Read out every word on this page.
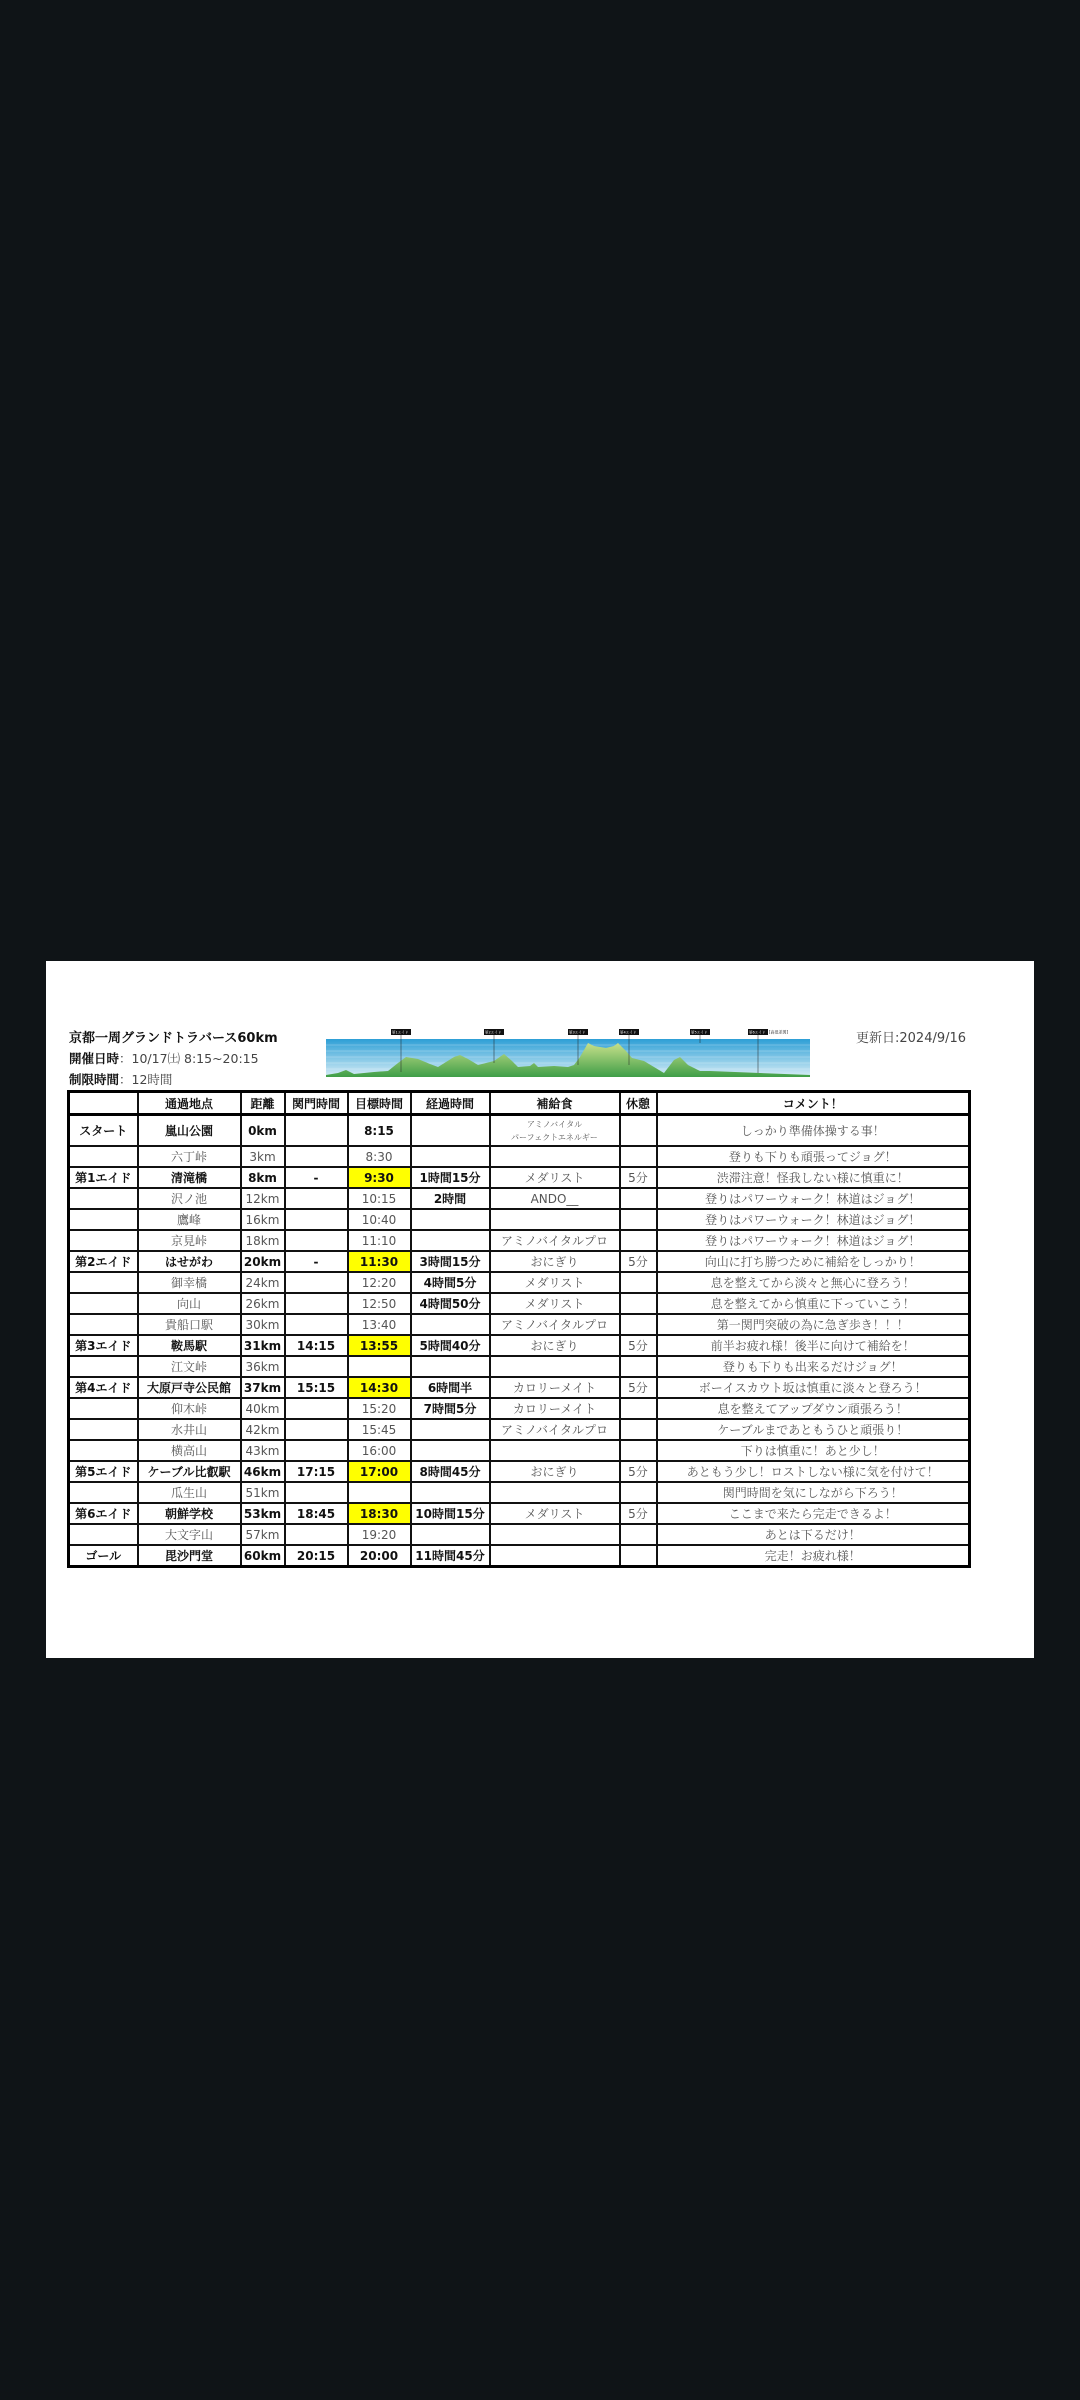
京都一周グランドトラバース60km
開催日時：10/17㈯ 8:15~20:15
制限時間：12時間
更新日:2024/9/16
第1エイド	第2エイド	第3エイド	第4エイド	第5エイド	第6エイド [高低差図]
	通過地点	距離	関門時間	目標時間	経過時間	補給食	休憩	コメント！
スタート	嵐山公園	0km		8:15		アミノバイタル
パーフェクトエネルギー		しっかり準備体操する事！
	六丁峠	3km		8:30				登りも下りも頑張ってジョグ！
第1エイド	清滝橋	8km	-	9:30	1時間15分	メダリスト	5分	渋滞注意！怪我しない様に慎重に！
	沢ノ池	12km		10:15	2時間	ANDO__		登りはパワーウォーク！林道はジョグ！
	鷹峰	16km		10:40				登りはパワーウォーク！林道はジョグ！
	京見峠	18km		11:10		アミノバイタルプロ		登りはパワーウォーク！林道はジョグ！
第2エイド	はせがわ	20km	-	11:30	3時間15分	おにぎり	5分	向山に打ち勝つために補給をしっかり！
	御幸橋	24km		12:20	4時間5分	メダリスト		息を整えてから淡々と無心に登ろう！
	向山	26km		12:50	4時間50分	メダリスト		息を整えてから慎重に下っていこう！
	貴船口駅	30km		13:40		アミノバイタルプロ		第一関門突破の為に急ぎ歩き！！！
第3エイド	鞍馬駅	31km	14:15	13:55	5時間40分	おにぎり	5分	前半お疲れ様！後半に向けて補給を！
	江文峠	36km						登りも下りも出来るだけジョグ！
第4エイド	大原戸寺公民館	37km	15:15	14:30	6時間半	カロリーメイト	5分	ボーイスカウト坂は慎重に淡々と登ろう！
	仰木峠	40km		15:20	7時間5分	カロリーメイト		息を整えてアップダウン頑張ろう！
	水井山	42km		15:45		アミノバイタルプロ		ケーブルまであともうひと頑張り！
	横高山	43km		16:00				下りは慎重に！あと少し！
第5エイド	ケーブル比叡駅	46km	17:15	17:00	8時間45分	おにぎり	5分	あともう少し！ロストしない様に気を付けて！
	瓜生山	51km						関門時間を気にしながら下ろう！
第6エイド	朝鮮学校	53km	18:45	18:30	10時間15分	メダリスト	5分	ここまで来たら完走できるよ！
	大文字山	57km		19:20				あとは下るだけ！
ゴール	毘沙門堂	60km	20:15	20:00	11時間45分			完走！お疲れ様！
